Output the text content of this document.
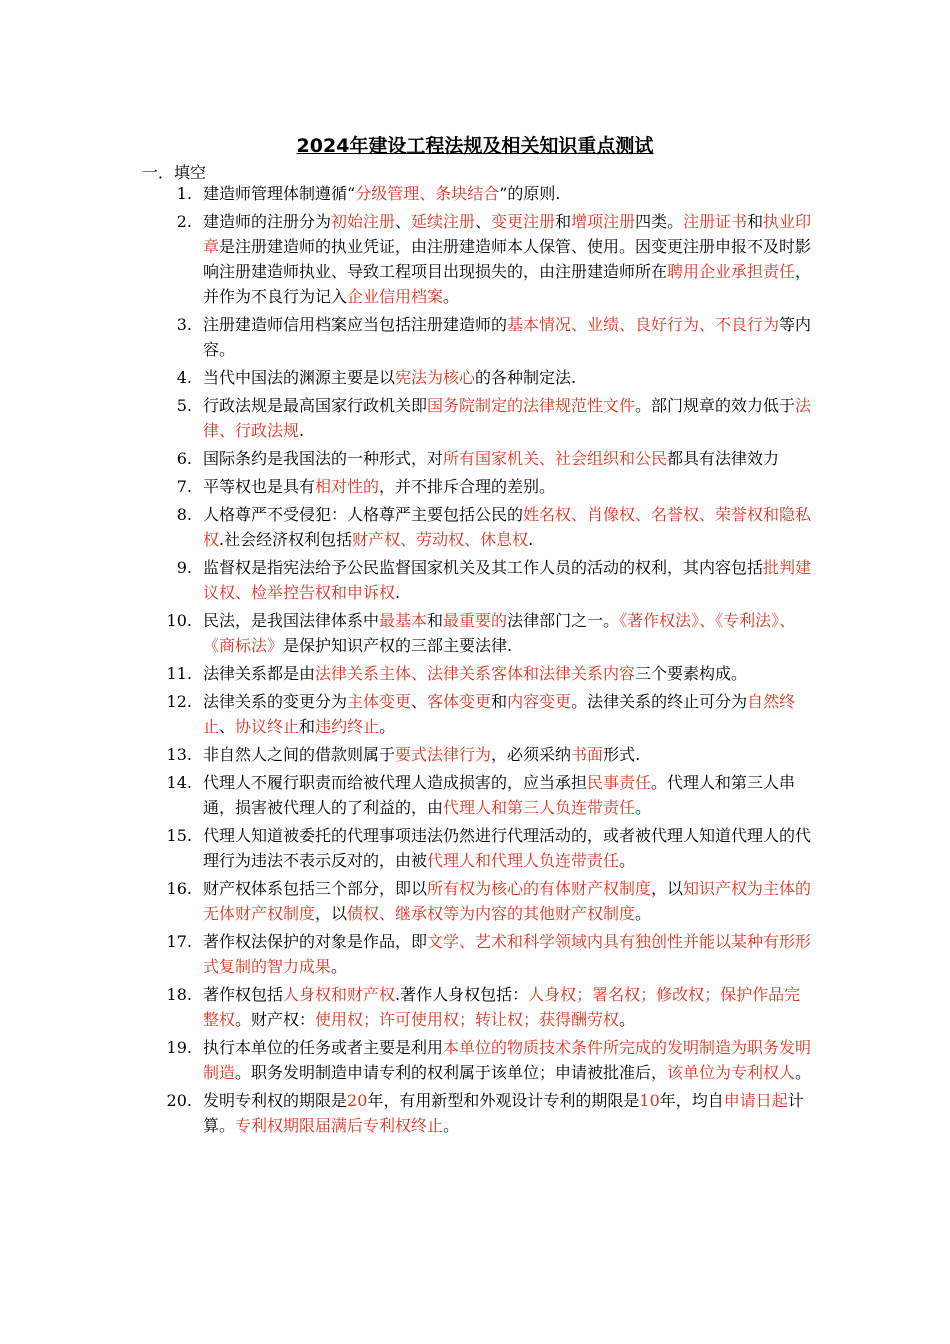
2024年建设工程法规及相关知识重点测试
一．填空
1. 建造师管理体制遵循“分级管理、条块结合”的原则.
2. 建造师的注册分为初始注册、延续注册、变更注册和增项注册四类。注册证书和执业印章是注册建造师的执业凭证，由注册建造师本人保管、使用。因变更注册申报不及时影响注册建造师执业、导致工程项目出现损失的，由注册建造师所在聘用企业承担责任，并作为不良行为记入企业信用档案。
3. 注册建造师信用档案应当包括注册建造师的基本情况、业绩、良好行为、不良行为等内容。
4. 当代中国法的渊源主要是以宪法为核心的各种制定法.
5. 行政法规是最高国家行政机关即国务院制定的法律规范性文件。部门规章的效力低于法律、行政法规.
6. 国际条约是我国法的一种形式，对所有国家机关、社会组织和公民都具有法律效力
7. 平等权也是具有相对性的，并不排斥合理的差别。
8. 人格尊严不受侵犯：人格尊严主要包括公民的姓名权、肖像权、名誉权、荣誉权和隐私权.社会经济权利包括财产权、劳动权、休息权.
9. 监督权是指宪法给予公民监督国家机关及其工作人员的活动的权利，其内容包括批判建议权、检举控告权和申诉权.
10. 民法，是我国法律体系中最基本和最重要的法律部门之一。《著作权法》、《专利法》、《商标法》是保护知识产权的三部主要法律.
11. 法律关系都是由法律关系主体、法律关系客体和法律关系内容三个要素构成。
12. 法律关系的变更分为主体变更、客体变更和内容变更。法律关系的终止可分为自然终止、协议终止和违约终止。
13. 非自然人之间的借款则属于要式法律行为，必须采纳书面形式.
14. 代理人不履行职责而给被代理人造成损害的，应当承担民事责任。代理人和第三人串通，损害被代理人的了利益的，由代理人和第三人负连带责任。
15. 代理人知道被委托的代理事项违法仍然进行代理活动的，或者被代理人知道代理人的代理行为违法不表示反对的，由被代理人和代理人负连带责任。
16. 财产权体系包括三个部分，即以所有权为核心的有体财产权制度，以知识产权为主体的无体财产权制度，以债权、继承权等为内容的其他财产权制度。
17. 著作权法保护的对象是作品，即文学、艺术和科学领域内具有独创性并能以某种有形形式复制的智力成果。
18. 著作权包括人身权和财产权.著作人身权包括：人身权；署名权；修改权；保护作品完整权。财产权：使用权；许可使用权；转让权；获得酬劳权。
19. 执行本单位的任务或者主要是利用本单位的物质技术条件所完成的发明制造为职务发明制造。职务发明制造申请专利的权利属于该单位；申请被批准后，该单位为专利权人。
20. 发明专利权的期限是20年，有用新型和外观设计专利的期限是10年，均自申请日起计算。专利权期限届满后专利权终止。
